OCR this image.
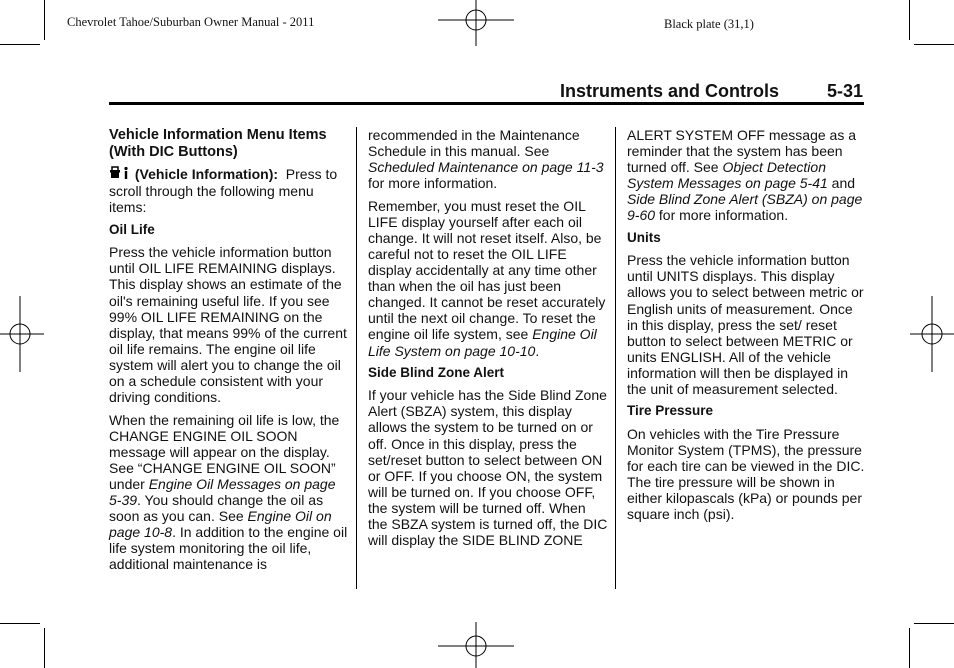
Chevrolet Tahoe/Suburban Owner Manual - 2011	Black plate (31,1)
Instruments and Controls	5-31
Vehicle Information Menu Items (With DIC Buttons)

(Vehicle Information): Press to scroll through the following menu items:

Oil Life

Press the vehicle information button until OIL LIFE REMAINING displays. This display shows an estimate of the oil's remaining useful life. If you see 99% OIL LIFE REMAINING on the display, that means 99% of the current oil life remains. The engine oil life system will alert you to change the oil on a schedule consistent with your driving conditions.

When the remaining oil life is low, the CHANGE ENGINE OIL SOON message will appear on the display. See “CHANGE ENGINE OIL SOON” under Engine Oil Messages on page 5-39. You should change the oil as soon as you can. See Engine Oil on page 10-8. In addition to the engine oil life system monitoring the oil life, additional maintenance is

recommended in the Maintenance Schedule in this manual. See Scheduled Maintenance on page 11-3 for more information.

Remember, you must reset the OIL LIFE display yourself after each oil change. It will not reset itself. Also, be careful not to reset the OIL LIFE display accidentally at any time other than when the oil has just been changed. It cannot be reset accurately until the next oil change. To reset the engine oil life system, see Engine Oil Life System on page 10-10.

Side Blind Zone Alert

If your vehicle has the Side Blind Zone Alert (SBZA) system, this display allows the system to be turned on or off. Once in this display, press the set/reset button to select between ON or OFF. If you choose ON, the system will be turned on. If you choose OFF, the system will be turned off. When the SBZA system is turned off, the DIC will display the SIDE BLIND ZONE

ALERT SYSTEM OFF message as a reminder that the system has been turned off. See Object Detection System Messages on page 5-41 and Side Blind Zone Alert (SBZA) on page 9-60 for more information.

Units

Press the vehicle information button until UNITS displays. This display allows you to select between metric or English units of measurement. Once in this display, press the set/ reset button to select between METRIC or units ENGLISH. All of the vehicle information will then be displayed in the unit of measurement selected.

Tire Pressure

On vehicles with the Tire Pressure Monitor System (TPMS), the pressure for each tire can be viewed in the DIC. The tire pressure will be shown in either kilopascals (kPa) or pounds per square inch (psi).
